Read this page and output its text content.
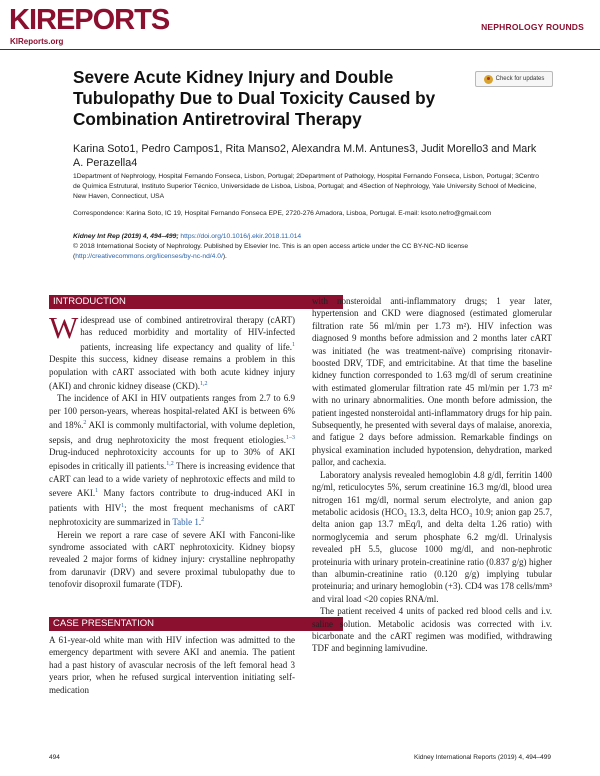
KIREPORTS
KIReports.org
NEPHROLOGY ROUNDS
Severe Acute Kidney Injury and Double Tubulopathy Due to Dual Toxicity Caused by Combination Antiretroviral Therapy
Check for updates
Karina Soto1, Pedro Campos1, Rita Manso2, Alexandra M.M. Antunes3, Judit Morello3 and Mark A. Perazella4
1Department of Nephrology, Hospital Fernando Fonseca, Lisbon, Portugal; 2Department of Pathology, Hospital Fernando Fonseca, Lisbon, Portugal; 3Centro de Química Estrutural, Instituto Superior Técnico, Universidade de Lisboa, Lisboa, Portugal; and 4Section of Nephrology, Yale University School of Medicine, New Haven, Connecticut, USA
Correspondence: Karina Soto, IC 19, Hospital Fernando Fonseca EPE, 2720-276 Amadora, Lisboa, Portugal. E-mail: ksoto.nefro@gmail.com
Kidney Int Rep (2019) 4, 494–499; https://doi.org/10.1016/j.ekir.2018.11.014
© 2018 International Society of Nephrology. Published by Elsevier Inc. This is an open access article under the CC BY-NC-ND license (http://creativecommons.org/licenses/by-nc-nd/4.0/).
INTRODUCTION

Widespread use of combined antiretroviral therapy (cART) has reduced morbidity and mortality of HIV-infected patients, increasing life expectancy and quality of life.$^1$ Despite this success, kidney disease remains a problem in this population with cART associated with both acute kidney injury (AKI) and chronic kidney disease (CKD).$^{1,2}$

The incidence of AKI in HIV outpatients ranges from 2.7 to 6.9 per 100 person-years, whereas hospital-related AKI is between 6% and 18%.$^2$ AKI is commonly multifactorial, with volume depletion, sepsis, and drug nephrotoxicity the most frequent etiologies.$^{1-3}$ Drug-induced nephrotoxicity accounts for up to 30% of AKI episodes in critically ill patients.$^{1,2}$ There is increasing evidence that cART can lead to a wide variety of nephrotoxic effects and mild to severe AKI.$^1$ Many factors contribute to drug-induced AKI in patients with HIV$^1$; the most frequent mechanisms of cART nephrotoxicity are summarized in Table 1.$^2$

Herein we report a rare case of severe AKI with Fanconi-like syndrome associated with cART nephrotoxicity. Kidney biopsy revealed 2 major forms of kidney injury: crystalline nephropathy from darunavir (DRV) and severe proximal tubulopathy due to tenofovir disoproxil fumarate (TDF).

CASE PRESENTATION

A 61-year-old white man with HIV infection was admitted to the emergency department with severe AKI and anemia. The patient had a past history of avascular necrosis of the left femoral head 3 years prior, when he refused surgical intervention initiating self-medication

with nonsteroidal anti-inflammatory drugs; 1 year later, hypertension and CKD were diagnosed (estimated glomerular filtration rate 56 ml/min per 1.73 m²). HIV infection was diagnosed 9 months before admission and 2 months later cART was initiated (he was treatment-naïve) comprising ritonavir-boosted DRV, TDF, and emtricitabine. At that time the baseline kidney function corresponded to 1.63 mg/dl of serum creatinine with estimated glomerular filtration rate 45 ml/min per 1.73 m² with no urinary abnormalities. One month before admission, the patient ingested nonsteroidal anti-inflammatory drugs for hip pain. Subsequently, he presented with several days of malaise, anorexia, and fatigue 2 days before admission. Remarkable findings on physical examination included hypotension, dehydration, marked pallor, and cachexia.

Laboratory analysis revealed hemoglobin 4.8 g/dl, ferritin 1400 ng/ml, reticulocytes 5%, serum creatinine 16.3 mg/dl, blood urea nitrogen 161 mg/dl, normal serum electrolyte, and anion gap metabolic acidosis (HCO₃ 13.3, delta HCO₃ 10.9; anion gap 25.7, delta anion gap 13.7 mEq/l, and delta delta 1.26 ratio) with normoglycemia and serum phosphate 6.2 mg/dl. Urinalysis revealed pH 5.5, glucose 1000 mg/dl, and non-nephrotic proteinuria with urinary protein-creatinine ratio (0.837 g/g) higher than albumin-creatinine ratio (0.120 g/g) implying tubular proteinuria; and urinary hemoglobin (+3). CD4 was 178 cells/mm³ and viral load <20 copies RNA/ml.

The patient received 4 units of packed red blood cells and i.v. saline solution. Metabolic acidosis was corrected with i.v. bicarbonate and the cART regimen was modified, withdrawing TDF and beginning lamivudine.

494	Kidney International Reports (2019) 4, 494–499
